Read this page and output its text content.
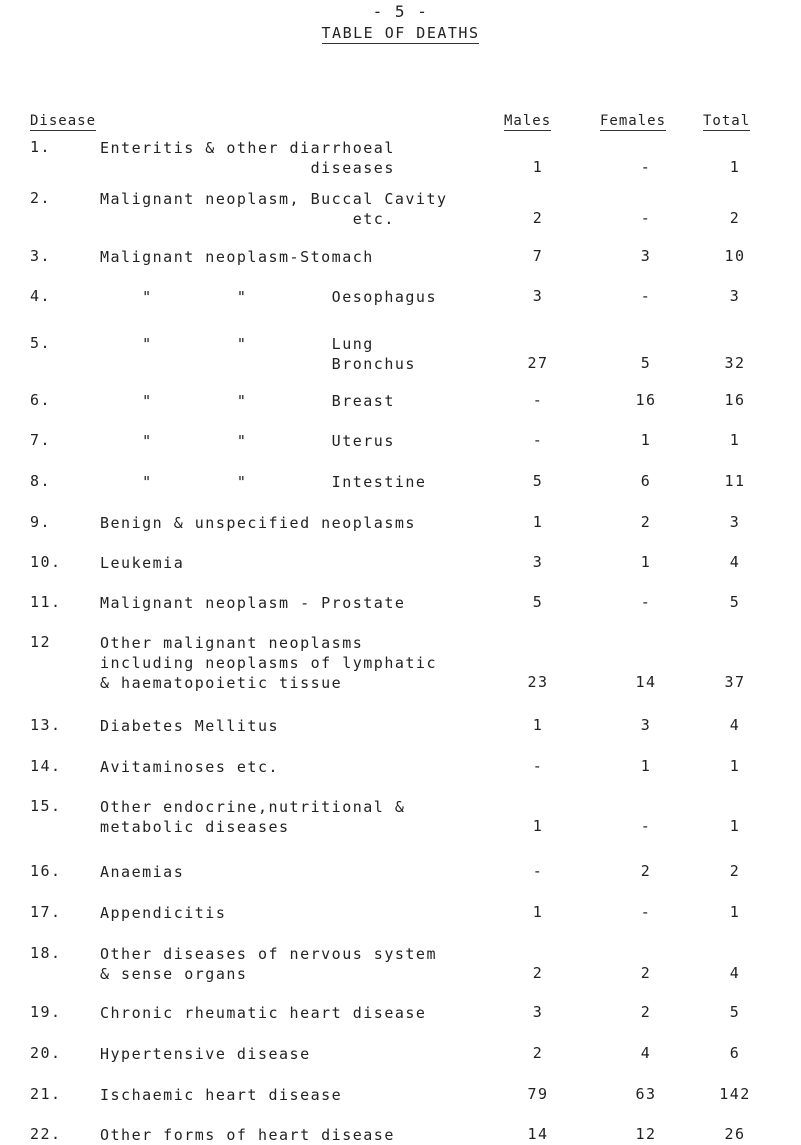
- 5 -
TABLE OF DEATHS
Disease	Males	Females	Total
1.	Enteritis & other diarrhoeal
diseases	1	-	1
2.	Malignant neoplasm, Buccal Cavity
etc.	2	-	2
3.	Malignant neoplasm-Stomach	7	3	10
4.	"        "        Oesophagus	3	-	3
5.	"        "        Lung
Bronchus	27	5	32
6.	"        "        Breast	-	16	16
7.	"        "        Uterus	-	1	1
8.	"        "        Intestine	5	6	11
9.	Benign & unspecified neoplasms	1	2	3
10.	Leukemia	3	1	4
11.	Malignant neoplasm - Prostate	5	-	5
12	Other malignant neoplasms
including neoplasms of lymphatic
& haematopoietic tissue	23	14	37
13.	Diabetes Mellitus	1	3	4
14.	Avitaminoses etc.	-	1	1
15.	Other endocrine,nutritional &
metabolic diseases	1	-	1
16.	Anaemias	-	2	2
17.	Appendicitis	1	-	1
18.	Other diseases of nervous system
& sense organs	2	2	4
19.	Chronic rheumatic heart disease	3	2	5
20.	Hypertensive disease	2	4	6
21.	Ischaemic heart disease	79	63	142
22.	Other forms of heart disease	14	12	26
